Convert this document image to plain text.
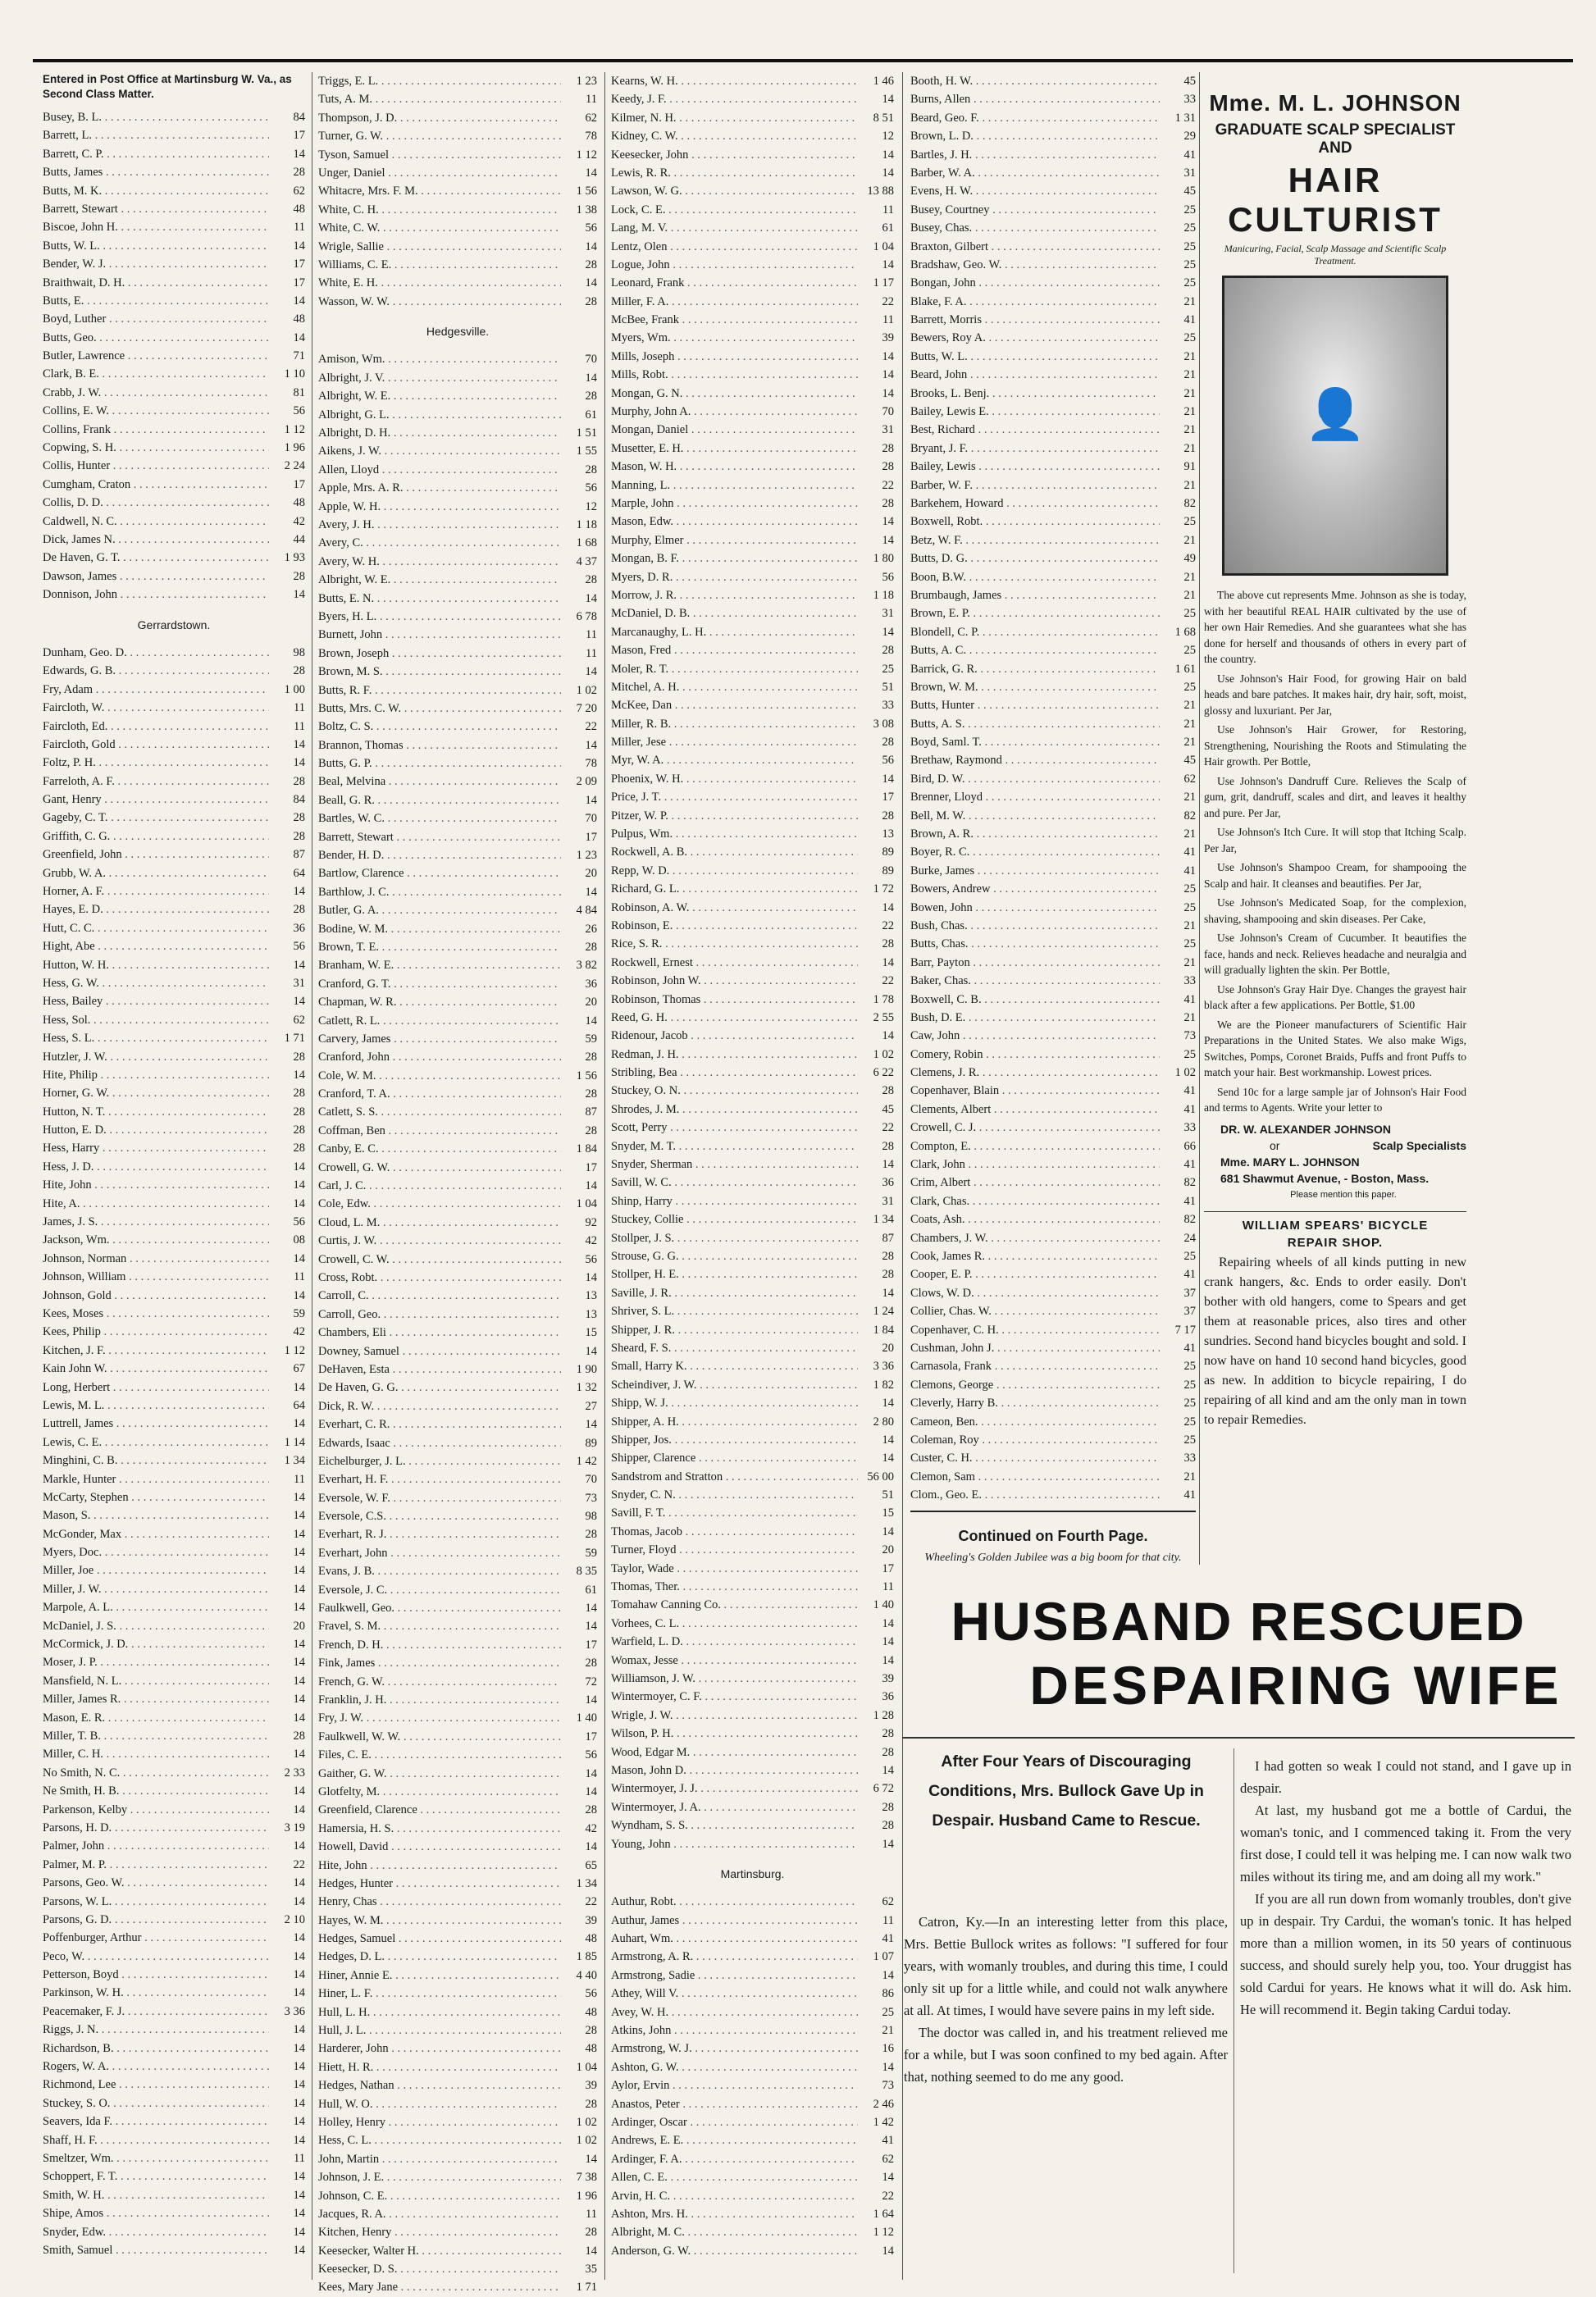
Entered in Post Office at Martinsburg W. Va., as Second Class Matter.
Busey, B. L. . . .	84
Barrett, L. . . .	17
Barrett, C. P. . . .	14
Butts, James . . .	28
Butts, M. K. . . .	62
Barrett, Stewart . . .	48
Biscoe, John H. . . .	11
Butts, W. L. . . .	14
Bender, W. J. . . .	17
Braithwait, D. H. . . .	17
Butts, E. . . .	14
Boyd, Luther . . .	48
Butts, Geo. . . .	14
Butler, Lawrence . . .	71
Clark, B. E. . . .	1 10
Crabb, J. W. . . .	81
Collins, E. W. . . .	56
Collins, Frank . . .	1 12
Copwing, S. H. . . .	1 96
Collis, Hunter . . .	2 24
Cumgham, Craton . . .	17
Collis, D. D. . . .	48
Caldwell, N. C. . . .	42
Dick, James N. . . .	44
De Haven, G. T. . . .	1 93
Dawson, James . . .	28
Donnison, John . . .	14
Gerrardstown.
Dunham, Geo. D. . . .	98
Edwards, G. B. . . .	28
Fry, Adam . . .	1 00
Faircloth, W. . . .	11
Faircloth, Ed. . . .	11
Faircloth, Gold . . .	14
Foltz, P. H. . . .	14
Farreloth, A. F. . . .	28
Gant, Henry . . .	84
Gageby, C. T. . . .	28
Griffith, C. G. . . .	28
Greenfield, John . . .	87
Grubb, W. A. . . .	64
Horner, A. F. . . .	14
Hayes, E. D. . . .	28
Hutt, C. C. . . .	36
Hight, Abe . . .	56
Hutton, W. H. . . .	14
Hess, G. W. . . .	31
Hess, Bailey . . .	14
Hess, Sol. . . .	62
Hess, S. L. . . .	1 71
Hutzler, J. W. . . .	28
Hite, Philip . . .	14
Horner, G. W. . . .	28
Hutton, N. T. . . .	28
Hutton, E. D. . . .	28
Hess, Harry . . .	28
Hess, J. D. . . .	14
Hite, John . . .	14
Hite, A. . . .	14
James, J. S. . . .	56
Jackson, Wm. . . .	08
Johnson, Norman . . .	14
Johnson, William . . .	11
Johnson, Gold . . .	14
Kees, Moses . . .	59
Kees, Philip . . .	42
Kitchen, J. F. . . .	1 12
Kain John W. . . .	67
Long, Herbert . . .	14
Lewis, M. L. . . .	64
Luttrell, James . . .	14
Lewis, C. E. . . .	1 14
Minghini, C. B. . . .	1 34
Markle, Hunter . . .	11
McCarty, Stephen . . .	14
Mason, S. . . .	14
McGonder, Max . . .	14
Myers, Doc. . . .	14
Miller, Joe . . .	14
Miller, J. W. . . .	14
Marpole, A. L. . . .	14
McDaniel, J. S. . . .	20
McCormick, J. D. . . .	14
Moser, J. P. . . .	14
Mansfield, N. L. . . .	14
Miller, James R. . . .	14
Mason, E. R. . . .	14
Miller, T. B. . . .	28
Miller, C. H. . . .	14
No Smith, N. C. . . .	2 33
Ne Smith, H. B. . . .	14
Parkenson, Kelby . . .	14
Parsons, H. D. . . .	3 19
Palmer, John . . .	14
Palmer, M. P. . . .	22
Parsons, Geo. W. . . .	14
Parsons, W. L. . . .	14
Parsons, G. D. . . .	2 10
Poffenburger, Arthur . . .	14
Peco, W. . . .	14
Petterson, Boyd . . .	14
Parkinson, W. H. . . .	14
Peacemaker, F. J. . . .	3 36
Riggs, J. N. . . .	14
Richardson, B. . . .	14
Rogers, W. A. . . .	14
Richmond, Lee . . .	14
Stuckey, S. O. . . .	14
Seavers, Ida F. . . .	14
Shaff, H. F. . . .	14
Smeltzer, Wm. . . .	11
Schoppert, F. T. . . .	14
Smith, W. H. . . .	14
Shipe, Amos . . .	14
Snyder, Edw. . . .	14
Smith, Samuel . . .	14
Triggs, E. L. . . .	1 23
Tuts, A. M. . . .	11
Thompson, J. D. . . .	62
Turner, G. W. . . .	78
Tyson, Samuel . . .	1 12
Unger, Daniel . . .	14
Whitacre, Mrs. F. M. . . .	1 56
White, C. H. . . .	1 38
White, C. W. . . .	56
Wrigle, Sallie . . .	14
Williams, C. E. . . .	28
White, E. H. . . .	14
Wasson, W. W. . . .	28
Hedgesville.
Amison, Wm. . . .	70
Albright, J. V. . . .	14
Albright, W. E. . . .	28
Albright, G. L. . . .	61
Albright, D. H. . . .	1 51
Aikens, J. W. . . .	1 55
Allen, Lloyd . . .	28
Apple, Mrs. A. R. . . .	56
Apple, W. H. . . .	12
Avery, J. H. . . .	1 18
Avery, C. . . .	1 68
Avery, W. H. . . .	4 37
Albright, W. E. . . .	28
Butts, E. N. . . .	14
Byers, H. L. . . .	6 78
Burnett, John . . .	11
Brown, Joseph . . .	11
Brown, M. S. . . .	14
Butts, R. F. . . .	1 02
Butts, Mrs. C. W. . . .	7 20
Boltz, C. S. . . .	22
Brannon, Thomas . . .	14
Butts, G. P. . . .	78
Beal, Melvina . . .	2 09
Beall, G. R. . . .	14
Bartles, W. C. . . .	70
Barrett, Stewart . . .	17
Bender, H. D. . . .	1 23
Bartlow, Clarence . . .	20
Barthlow, J. C. . . .	14
Butler, G. A. . . .	4 84
Bodine, W. M. . . .	26
Brown, T. E. . . .	28
Branham, W. E. . . .	3 82
Cranford, G. T. . . .	36
Chapman, W. R. . . .	20
Catlett, R. L. . . .	14
Carvery, James . . .	59
Cranford, John . . .	28
Cole, W. M. . . .	1 56
Cranford, T. A. . . .	28
Catlett, S. S. . . .	87
Coffman, Ben . . .	28
Canby, E. C. . . .	1 84
Crowell, G. W. . . .	17
Carl, J. C. . . .	14
Cole, Edw. . . .	1 04
Cloud, L. M. . . .	92
Curtis, J. W. . . .	42
Crowell, C. W. . . .	56
Cross, Robt. . . .	14
Carroll, C. . . .	13
Carroll, Geo. . . .	13
Chambers, Eli . . .	15
Downey, Samuel . . .	14
DeHaven, Esta . . .	1 90
De Haven, G. G. . . .	1 32
Dick, R. W. . . .	27
Everhart, C. R. . . .	14
Edwards, Isaac . . .	89
Eichelburger, J. L. . . .	1 42
Everhart, H. F. . . .	70
Eversole, W. F. . . .	73
Eversole, C.S. . . .	98
Everhart, R. J. . . .	28
Everhart, John . . .	59
Evans, J. B. . . .	8 35
Eversole, J. C. . . .	61
Faulkwell, Geo. . . .	14
Fravel, S. M. . . .	14
French, D. H. . . .	17
Fink, James . . .	28
French, G. W. . . .	72
Franklin, J. H. . . .	14
Fry, J. W. . . .	1 40
Faulkwell, W. W. . . .	17
Files, C. E. . . .	56
Gaither, G. W. . . .	14
Glotfelty, M. . . .	14
Greenfield, Clarence . . .	28
Hamersia, H. S. . . .	42
Howell, David . . .	14
Hite, John . . .	65
Hedges, Hunter . . .	1 34
Henry, Chas . . .	22
Hayes, W. M. . . .	39
Hedges, Samuel . . .	48
Hedges, D. L. . . .	1 85
Hiner, Annie E. . . .	4 40
Hiner, L. F. . . .	56
Hull, L. H. . . .	48
Hull, J. L. . . .	28
Harderer, John . . .	48
Hiett, H. R. . . .	1 04
Hedges, Nathan . . .	39
Hull, W. O. . . .	28
Holley, Henry . . .	1 02
Hess, C. L. . . .	1 02
John, Martin . . .	14
Johnson, J. E. . . .	7 38
Johnson, C. E. . . .	1 96
Jacques, R. A. . . .	11
Kitchen, Henry . . .	28
Keesecker, Walter H. . . .	14
Keesecker, D. S. . . .	35
Kees, Mary Jane . . .	1 71
Kearns, W. H. . . .	1 46
Keedy, J. F. . . .	14
Kilmer, N. H. . . .	8 51
Kidney, C. W. . . .	12
Keesecker, John . . .	14
Lewis, R. R. . . .	14
Lawson, W. G. . . .	13 88
Lock, C. E. . . .	11
Lang, M. V. . . .	61
Lentz, Olen . . .	1 04
Logue, John . . .	14
Leonard, Frank . . .	1 17
Miller, F. A. . . .	22
McBee, Frank . . .	11
Myers, Wm. . . .	39
Mills, Joseph . . .	14
Mills, Robt. . . .	14
Mongan, G. N. . . .	14
Murphy, John A. . . .	70
Mongan, Daniel . . .	31
Musetter, E. H. . . .	28
Mason, W. H. . . .	28
Manning, L. . . .	22
Marple, John . . .	28
Mason, Edw. . . .	14
Murphy, Elmer . . .	14
Mongan, B. F. . . .	1 80
Myers, D. R. . . .	56
Morrow, J. R. . . .	1 18
McDaniel, D. B. . . .	31
Marcanaughy, L. H. . . .	14
Mason, Fred . . .	28
Moler, R. T. . . .	25
Mitchel, A. H. . . .	51
McKee, Dan . . .	33
Miller, R. B. . . .	3 08
Miller, Jese . . .	28
Myr, W. A. . . .	56
Phoenix, W. H. . . .	14
Price, J. T. . . .	17
Pitzer, W. P. . . .	28
Pulpus, Wm. . . .	13
Rockwell, A. B. . . .	89
Repp, W. D. . . .	89
Richard, G. L. . . .	1 72
Robinson, A. W. . . .	14
Robinson, E. . . .	22
Rice, S. R. . . .	28
Rockwell, Ernest . . .	14
Robinson, John W. . . .	22
Robinson, Thomas . . .	1 78
Reed, G. H. . . .	2 55
Ridenour, Jacob . . .	14
Redman, J. H. . . .	1 02
Stribling, Bea . . .	6 22
Stuckey, O. N. . . .	28
Shrodes, J. M. . . .	45
Scott, Perry . . .	22
Snyder, M. T. . . .	28
Snyder, Sherman . . .	14
Savill, W. C. . . .	36
Shinp, Harry . . .	31
Stuckey, Collie . . .	1 34
Stollper, J. S. . . .	87
Strouse, G. G. . . .	28
Stollper, H. E. . . .	28
Saville, J. R. . . .	14
Shriver, S. L. . . .	1 24
Shipper, J. R. . . .	1 84
Sheard, F. S. . . .	20
Small, Harry K. . . .	3 36
Scheindiver, J. W. . . .	1 82
Shipp, W. J. . . .	14
Shipper, A. H. . . .	2 80
Shipper, Jos. . . .	14
Shipper, Clarence . . .	14
Sandstrom and Stratton . . .	56 00
Snyder, C. N. . . .	51
Savill, F. T. . . .	15
Thomas, Jacob . . .	14
Turner, Floyd . . .	20
Taylor, Wade . . .	17
Thomas, Ther. . . .	11
Tomahaw Canning Co. . . .	1 40
Vorhees, C. L. . . .	14
Warfield, L. D. . . .	14
Womax, Jesse . . .	14
Williamson, J. W. . . .	39
Wintermoyer, C. F. . . .	36
Wrigle, J. W. . . .	1 28
Wilson, P. H. . . .	28
Wood, Edgar M. . . .	28
Mason, John D. . . .	14
Wintermoyer, J. J. . . .	6 72
Wintermoyer, J. A. . . .	28
Wyndham, S. S. . . .	28
Young, John . . .	14
Martinsburg.
Authur, Robt. . . .	62
Authur, James . . .	11
Auhart, Wm. . . .	41
Armstrong, A. R. . . .	1 07
Armstrong, Sadie . . .	14
Athey, Will V. . . .	86
Avey, W. H. . . .	25
Atkins, John . . .	21
Armstrong, W. J. . . .	16
Ashton, G. W. . . .	14
Aylor, Ervin . . .	73
Anastos, Peter . . .	2 46
Ardinger, Oscar . . .	1 42
Andrews, E. E. . . .	41
Ardinger, F. A. . . .	62
Allen, C. E. . . .	14
Arvin, H. C. . . .	22
Ashton, Mrs. H. . . .	1 64
Albright, M. C. . . .	1 12
Anderson, G. W. . . .	14
Booth, H. W. . . .	45
Burns, Allen . . .	33
Beard, Geo. F. . . .	1 31
Brown, L. D. . . .	29
Bartles, J. H. . . .	41
Barber, W. A. . . .	31
Evens, H. W. . . .	45
Busey, Courtney . . .	25
Busey, Chas. . . .	25
Braxton, Gilbert . . .	25
Bradshaw, Geo. W. . . .	25
Bongan, John . . .	25
Blake, F. A. . . .	21
Barrett, Morris . . .	41
Bewers, Roy A. . . .	25
Butts, W. L. . . .	21
Beard, John . . .	21
Brooks, L. Benj. . . .	21
Bailey, Lewis E. . . .	21
Best, Richard . . .	21
Bryant, J. F. . . .	21
Bailey, Lewis . . .	91
Barber, W. F. . . .	21
Barkehem, Howard . . .	82
Boxwell, Robt. . . .	25
Betz, W. F. . . .	21
Butts, D. G. . . .	49
Boon, B.W. . . .	21
Brumbaugh, James . . .	21
Brown, E. P. . . .	25
Blondell, C. P. . . .	1 68
Butts, A. C. . . .	25
Barrick, G. R. . . .	1 61
Brown, W. M. . . .	25
Butts, Hunter . . .	21
Butts, A. S. . . .	21
Boyd, Saml. T. . . .	21
Brethaw, Raymond . . .	45
Bird, D. W. . . .	62
Brenner, Lloyd . . .	21
Bell, M. W. . . .	82
Brown, A. R. . . .	21
Boyer, R. C. . . .	41
Burke, James . . .	41
Bowers, Andrew . . .	25
Bowen, John . . .	25
Bush, Chas. . . .	21
Butts, Chas. . . .	25
Barr, Payton . . .	21
Baker, Chas. . . .	33
Boxwell, C. B. . . .	41
Bush, D. E. . . .	21
Caw, John . . .	73
Comery, Robin . . .	25
Clemens, J. R. . . .	1 02
Copenhaver, Blain . . .	41
Clements, Albert . . .	41
Crowell, C. J. . . .	33
Compton, E. . . .	66
Clark, John . . .	41
Crim, Albert . . .	82
Clark, Chas. . . .	41
Coats, Ash. . . .	82
Chambers, J. W. . . .	24
Cook, James R. . . .	25
Cooper, E. P. . . .	41
Clows, W. D. . . .	37
Collier, Chas. W. . . .	37
Copenhaver, C. H. . . .	7 17
Cushman, John J. . . .	41
Carnasola, Frank . . .	25
Clemons, George . . .	25
Cleverly, Harry B. . . .	25
Cameon, Ben. . . .	25
Coleman, Roy . . .	25
Custer, C. H. . . .	33
Clemon, Sam . . .	21
Clom., Geo. E. . . .	41
Continued on Fourth Page.
Wheeling's Golden Jubilee was a big boom for that city.
Mme. M. L. JOHNSON
GRADUATE SCALP SPECIALIST AND
HAIR CULTURIST
Manicuring, Facial, Scalp Massage and Scientific Scalp Treatment.
👤

The above cut represents Mme. Johnson as she is today, with her beautiful REAL HAIR cultivated by the use of her own Hair Remedies. And she guarantees what she has done for herself and thousands of others in every part of the country.

Use Johnson's Hair Food, for growing Hair on bald heads and bare patches. It makes hair, dry hair, soft, moist, glossy and luxuriant. Per Jar,

Use Johnson's Hair Grower, for Restoring, Strengthening, Nourishing the Roots and Stimulating the Hair growth. Per Bottle,

Use Johnson's Dandruff Cure. Relieves the Scalp of gum, grit, dandruff, scales and dirt, and leaves it healthy and pure. Per Jar,

Use Johnson's Itch Cure. It will stop that Itching Scalp. Per Jar,

Use Johnson's Shampoo Cream, for shampooing the Scalp and hair. It cleanses and beautifies. Per Jar,

Use Johnson's Medicated Soap, for the complexion, shaving, shampooing and skin diseases. Per Cake,

Use Johnson's Cream of Cucumber. It beautifies the face, hands and neck. Relieves headache and neuralgia and will gradually lighten the skin. Per Bottle,

Use Johnson's Gray Hair Dye. Changes the grayest hair black after a few applications. Per Bottle, $1.00

We are the Pioneer manufacturers of Scientific Hair Preparations in the United States. We also make Wigs, Switches, Pomps, Coronet Braids, Puffs and front Puffs to match your hair. Best workmanship. Lowest prices.

Send 10c for a large sample jar of Johnson's Hair Food and terms to Agents. Write your letter to

DR. W. ALEXANDER JOHNSON
or
Mme. MARY L. JOHNSON
Scalp Specialists
681 Shawmut Avenue, - Boston, Mass.
Please mention this paper.
WILLIAM SPEARS' BICYCLE
REPAIR SHOP.

Repairing wheels of all kinds putting in new crank hangers, &c. Ends to order easily. Don't bother with old hangers, come to Spears and get them at reasonable prices, also tires and other sundries. Second hand bicycles bought and sold. I now have on hand 10 second hand bicycles, good as new. In addition to bicycle repairing, I do repairing of all kind and am the only man in town to repair Remedies.

HUSBAND RESCUED
DESPAIRING WIFE
After Four Years of Discouraging Conditions, Mrs. Bullock Gave Up in Despair. Husband Came to Rescue.

Catron, Ky.—In an interesting letter from this place, Mrs. Bettie Bullock writes as follows: "I suffered for four years, with womanly troubles, and during this time, I could only sit up for a little while, and could not walk anywhere at all. At times, I would have severe pains in my left side.

The doctor was called in, and his treatment relieved me for a while, but I was soon confined to my bed again. After that, nothing seemed to do me any good.

I had gotten so weak I could not stand, and I gave up in despair.

At last, my husband got me a bottle of Cardui, the woman's tonic, and I commenced taking it. From the very first dose, I could tell it was helping me. I can now walk two miles without its tiring me, and am doing all my work."

If you are all run down from womanly troubles, don't give up in despair. Try Cardui, the woman's tonic. It has helped more than a million women, in its 50 years of continuous success, and should surely help you, too. Your druggist has sold Cardui for years. He knows what it will do. Ask him. He will recommend it. Begin taking Cardui today.
